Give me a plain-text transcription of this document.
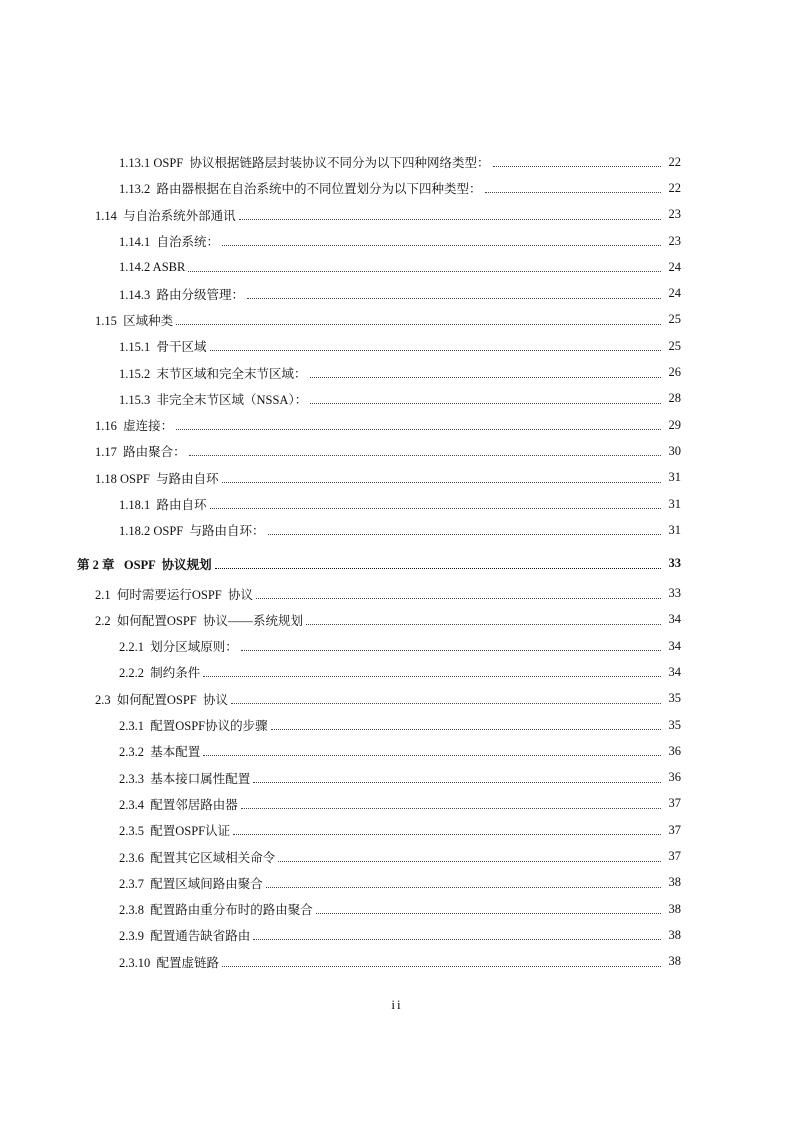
1.13.1 OSPF  协议根据链路层封装协议不同分为以下四种网络类型：	22
1.13.2  路由器根据在自治系统中的不同位置划分为以下四种类型：	22
1.14  与自治系统外部通讯	23
1.14.1  自治系统：	23
1.14.2 ASBR	24
1.14.3  路由分级管理：	24
1.15  区域种类	25
1.15.1  骨干区域	25
1.15.2  末节区域和完全末节区域：	26
1.15.3  非完全末节区域（NSSA）：	28
1.16  虚连接：	29
1.17  路由聚合：	30
1.18 OSPF  与路由自环	31
1.18.1  路由自环	31
1.18.2 OSPF  与路由自环：	31
第 2 章   OSPF  协议规划	33
2.1  何时需要运行OSPF  协议	33
2.2  如何配置OSPF  协议——系统规划	34
2.2.1  划分区域原则：	34
2.2.2  制约条件	34
2.3  如何配置OSPF  协议	35
2.3.1  配置OSPF协议的步骤	35
2.3.2  基本配置	36
2.3.3  基本接口属性配置	36
2.3.4  配置邻居路由器	37
2.3.5  配置OSPF认证	37
2.3.6  配置其它区域相关命令	37
2.3.7  配置区域间路由聚合	38
2.3.8  配置路由重分布时的路由聚合	38
2.3.9  配置通告缺省路由	38
2.3.10  配置虚链路	38
ii
